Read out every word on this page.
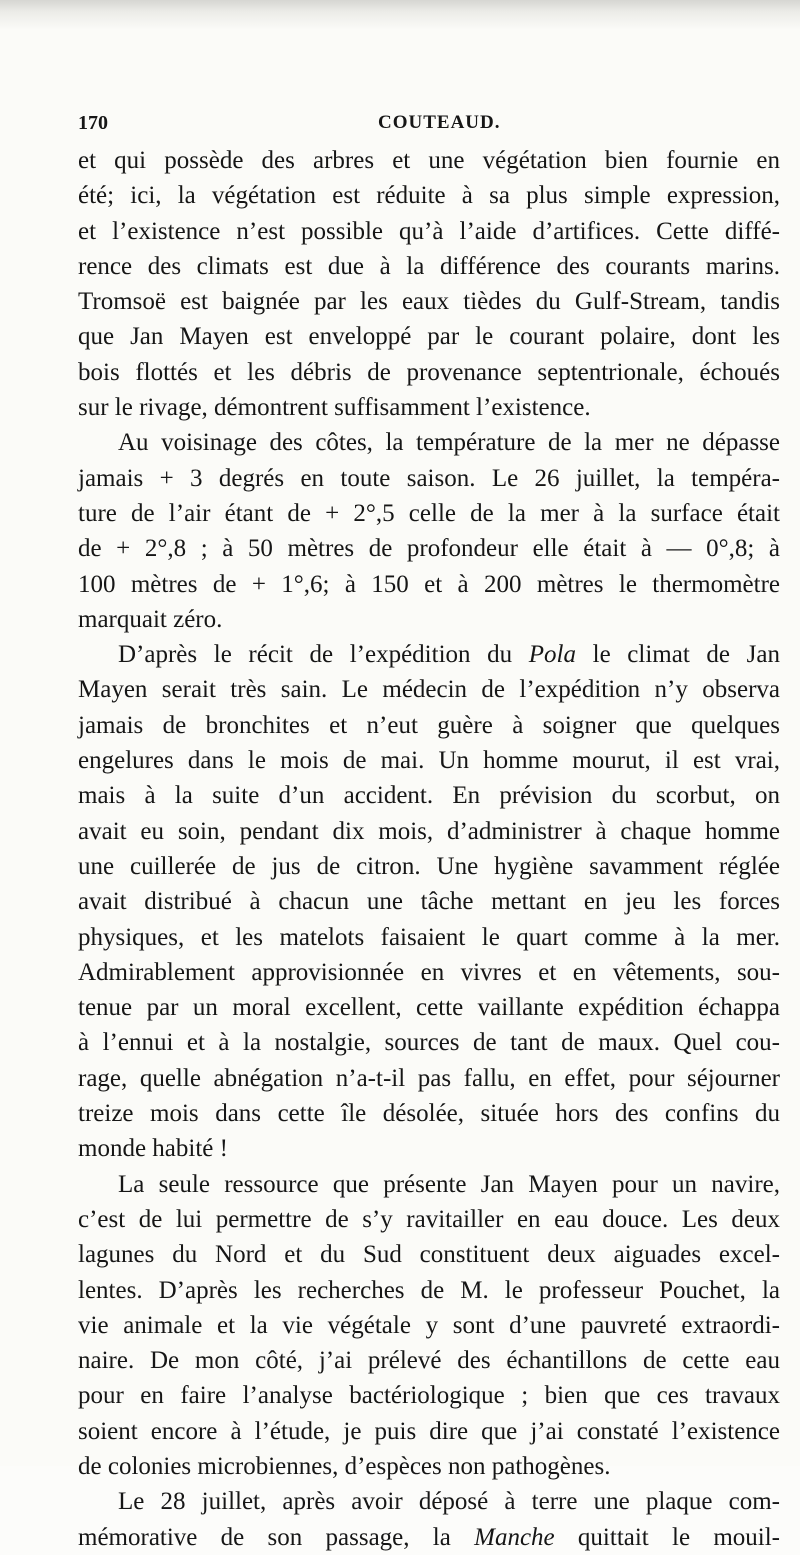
170	COUTEAUD.
et qui possède des arbres et une végétation bien fournie en
été; ici, la végétation est réduite à sa plus simple expression,
et l’existence n’est possible qu’à l’aide d’artifices. Cette diffé-
rence des climats est due à la différence des courants marins.
Tromsoë est baignée par les eaux tièdes du Gulf-Stream, tandis
que Jan Mayen est enveloppé par le courant polaire, dont les
bois flottés et les débris de provenance septentrionale, échoués
sur le rivage, démontrent suffisamment l’existence.
Au voisinage des côtes, la température de la mer ne dépasse
jamais + 3 degrés en toute saison. Le 26 juillet, la tempéra-
ture de l’air étant de + 2°,5 celle de la mer à la surface était
de + 2°,8 ; à 50 mètres de profondeur elle était à — 0°,8; à
100 mètres de + 1°,6; à 150 et à 200 mètres le thermomètre
marquait zéro.
D’après le récit de l’expédition du Pola le climat de Jan
Mayen serait très sain. Le médecin de l’expédition n’y observa
jamais de bronchites et n’eut guère à soigner que quelques
engelures dans le mois de mai. Un homme mourut, il est vrai,
mais à la suite d’un accident. En prévision du scorbut, on
avait eu soin, pendant dix mois, d’administrer à chaque homme
une cuillerée de jus de citron. Une hygiène savamment réglée
avait distribué à chacun une tâche mettant en jeu les forces
physiques, et les matelots faisaient le quart comme à la mer.
Admirablement approvisionnée en vivres et en vêtements, sou-
tenue par un moral excellent, cette vaillante expédition échappa
à l’ennui et à la nostalgie, sources de tant de maux. Quel cou-
rage, quelle abnégation n’a-t-il pas fallu, en effet, pour séjourner
treize mois dans cette île désolée, située hors des confins du
monde habité !
La seule ressource que présente Jan Mayen pour un navire,
c’est de lui permettre de s’y ravitailler en eau douce. Les deux
lagunes du Nord et du Sud constituent deux aiguades excel-
lentes. D’après les recherches de M. le professeur Pouchet, la
vie animale et la vie végétale y sont d’une pauvreté extraordi-
naire. De mon côté, j’ai prélevé des échantillons de cette eau
pour en faire l’analyse bactériologique ; bien que ces travaux
soient encore à l’étude, je puis dire que j’ai constaté l’existence
de colonies microbiennes, d’espèces non pathogènes.
Le 28 juillet, après avoir déposé à terre une plaque com-
mémorative de son passage, la Manche quittait le mouil-
